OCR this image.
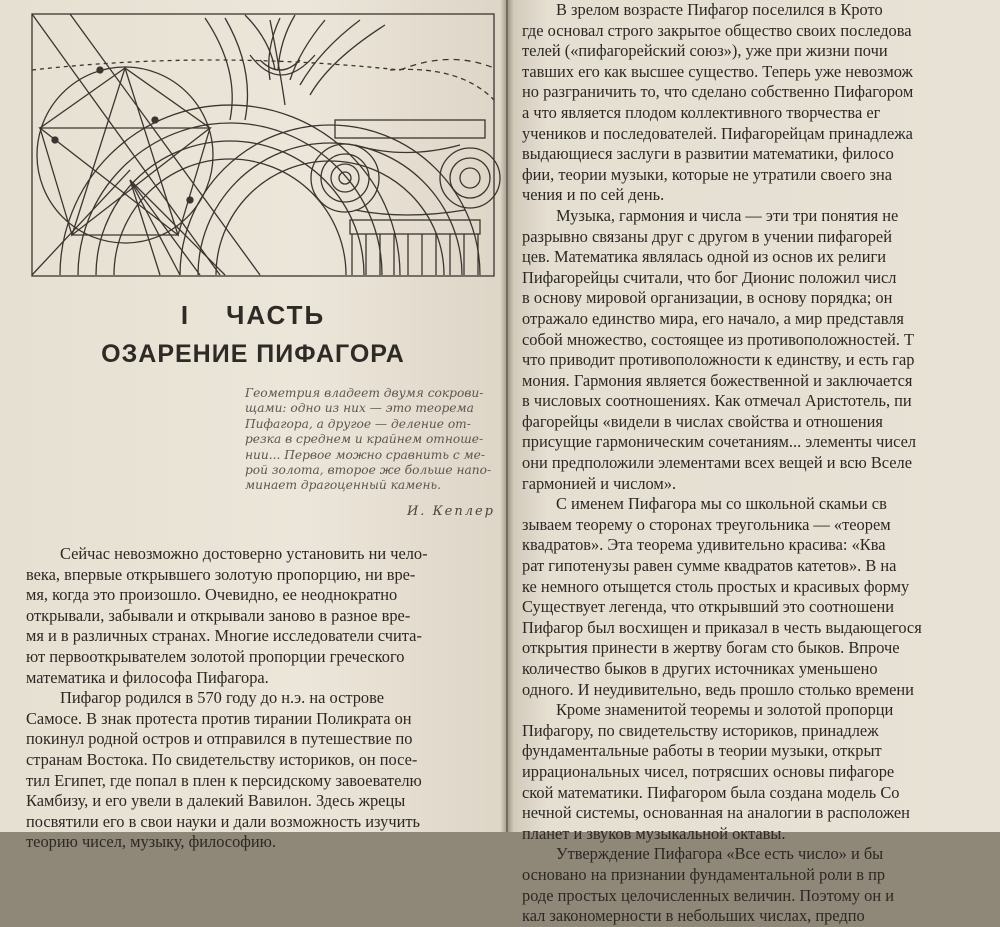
I ЧАСТЬ
ОЗАРЕНИЕ ПИФАГОРА
Геометрия владеет двумя сокрови-
щами: одно из них — это теорема
Пифагора, а другое — деление от-
резка в среднем и крайнем отноше-
нии... Первое можно сравнить с ме-
рой золота, второе же больше напо-
минает драгоценный камень.
И. Кеплер
Сейчас невозможно достоверно установить ни чело-
века, впервые открывшего золотую пропорцию, ни вре-
мя, когда это произошло. Очевидно, ее неоднократно
открывали, забывали и открывали заново в разное вре-
мя и в различных странах. Многие исследователи счита-
ют первооткрывателем золотой пропорции греческого
математика и философа Пифагора.
Пифагор родился в 570 году до н.э. на острове
Самосе. В знак протеста против тирании Поликрата он
покинул родной остров и отправился в путешествие по
странам Востока. По свидетельству историков, он посе-
тил Египет, где попал в плен к персидскому завоевателю
Камбизу, и его увели в далекий Вавилон. Здесь жрецы
посвятили его в свои науки и дали возможность изучить
теорию чисел, музыку, философию.
В зрелом возрасте Пифагор поселился в Крото
где основал строго закрытое общество своих последова
телей («пифагорейский союз»), уже при жизни почи
тавших его как высшее существо. Теперь уже невозмож
но разграничить то, что сделано собственно Пифагором
а что является плодом коллективного творчества ег
учеников и последователей. Пифагорейцам принадлежа
выдающиеся заслуги в развитии математики, филосо
фии, теории музыки, которые не утратили своего зна
чения и по сей день.
Музыка, гармония и числа — эти три понятия не
разрывно связаны друг с другом в учении пифагорей
цев. Математика являлась одной из основ их религи
Пифагорейцы считали, что бог Дионис положил числ
в основу мировой организации, в основу порядка; он
отражало единство мира, его начало, а мир представля
собой множество, состоящее из противоположностей. Т
что приводит противоположности к единству, и есть гар
мония. Гармония является божественной и заключается
в числовых соотношениях. Как отмечал Аристотель, пи
фагорейцы «видели в числах свойства и отношения
присущие гармоническим сочетаниям... элементы чисел
они предположили элементами всех вещей и всю Вселе
гармонией и числом».
С именем Пифагора мы со школьной скамьи св
зываем теорему о сторонах треугольника — «теорем
квадратов». Эта теорема удивительно красива: «Ква
рат гипотенузы равен сумме квадратов катетов». В на
ке немного отыщется столь простых и красивых форму
Существует легенда, что открывший это соотношени
Пифагор был восхищен и приказал в честь выдающегося
открытия принести в жертву богам сто быков. Впроче
количество быков в других источниках уменьшено
одного. И неудивительно, ведь прошло столько времени
Кроме знаменитой теоремы и золотой пропорци
Пифагору, по свидетельству историков, принадлеж
фундаментальные работы в теории музыки, открыт
иррациональных чисел, потрясших основы пифагоре
ской математики. Пифагором была создана модель Со
нечной системы, основанная на аналогии в расположен
планет и звуков музыкальной октавы.
Утверждение Пифагора «Все есть число» и бы
основано на признании фундаментальной роли в пр
роде простых целочисленных величин. Поэтому он и
кал закономерности в небольших числах, предпо
